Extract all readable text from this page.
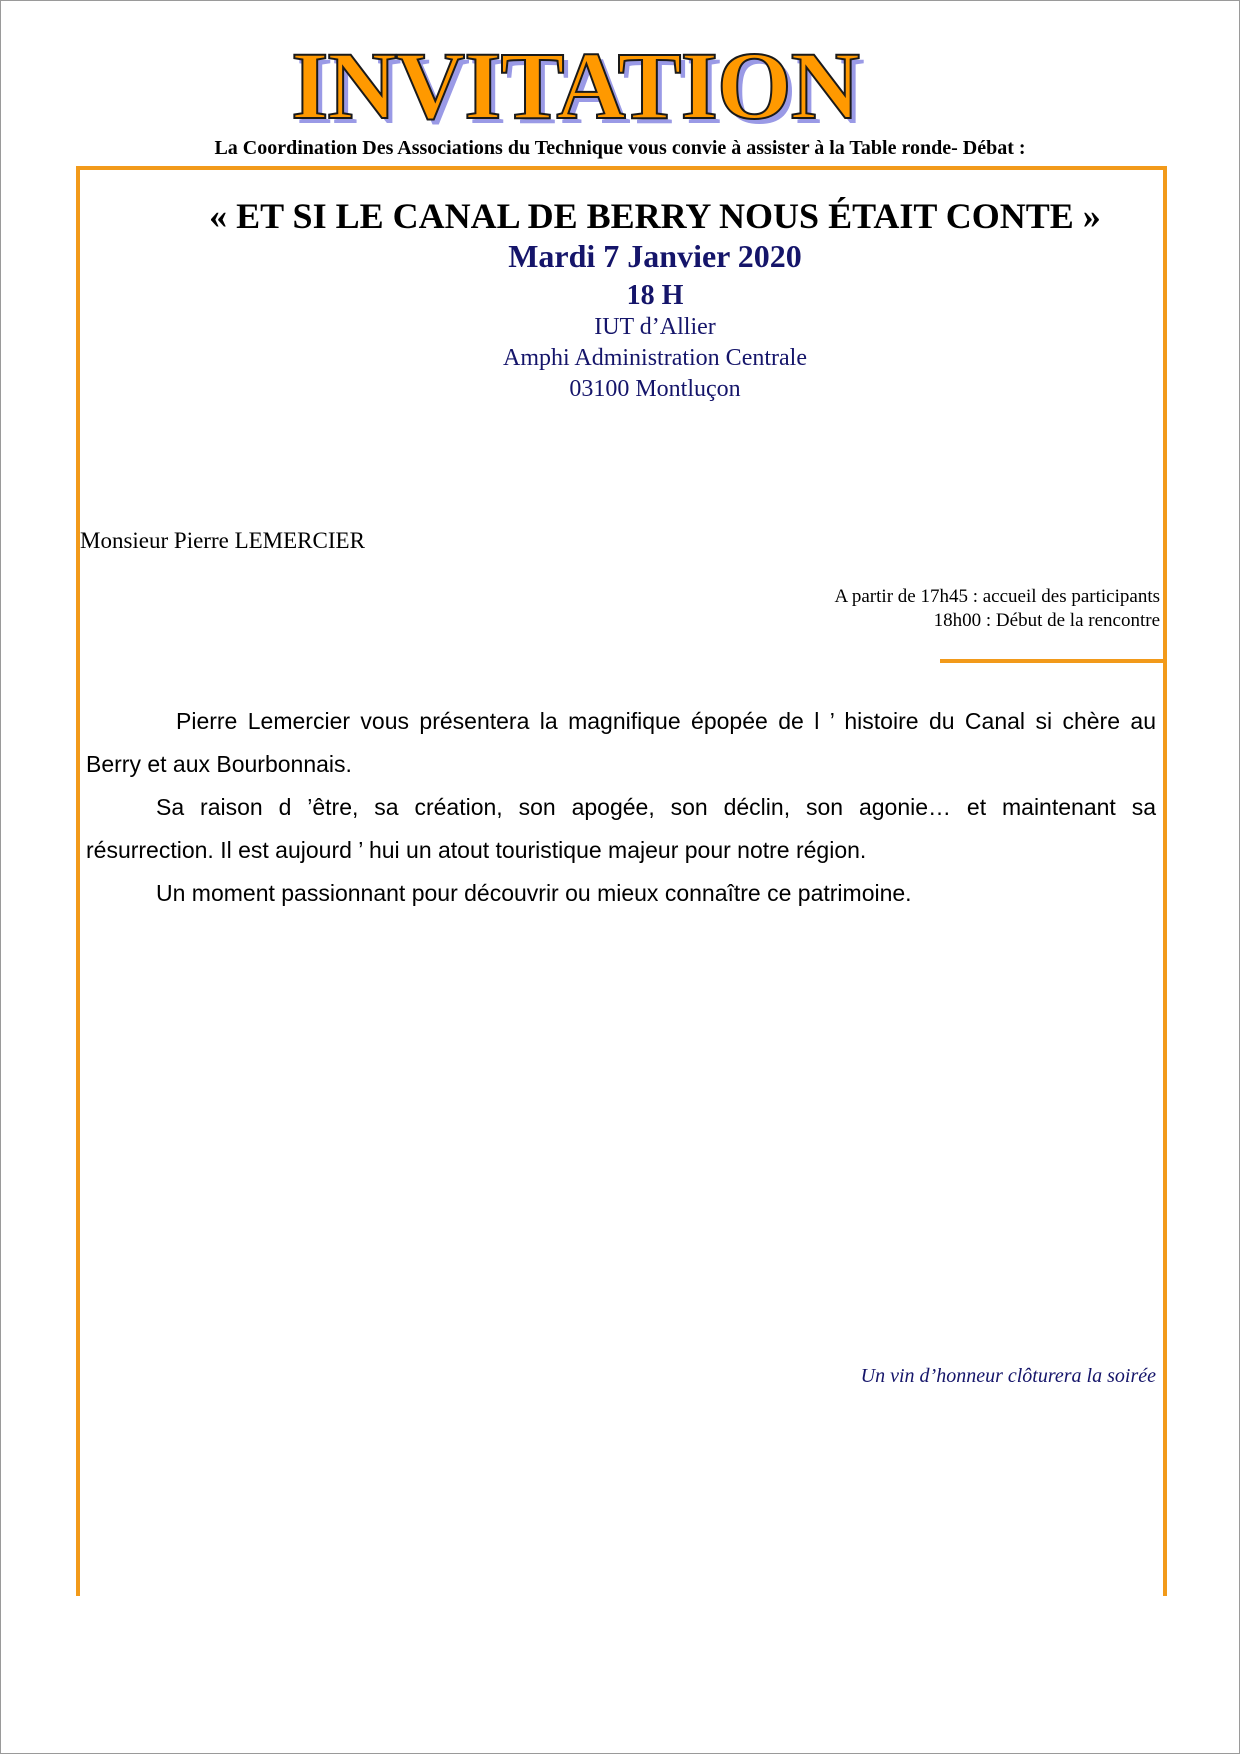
INVITATION
La Coordination Des Associations du Technique vous convie à assister à la Table ronde- Débat :
« ET SI LE CANAL DE BERRY NOUS ÉTAIT CONTE »
Mardi 7 Janvier 2020
18 H
IUT d’Allier
Amphi Administration Centrale
03100 Montluçon
Monsieur Pierre LEMERCIER
A partir de 17h45 : accueil des participants
18h00 : Début de la rencontre

Pierre Lemercier vous présentera la magnifique épopée de l ’ histoire du Canal si chère au Berry et aux Bourbonnais.

Sa raison d ’être, sa création, son apogée, son déclin, son agonie… et maintenant sa résurrection. Il est aujourd ’ hui un atout touristique majeur pour notre région.

Un moment passionnant pour découvrir ou mieux connaître ce patrimoine.

Un vin d’honneur clôturera la soirée
